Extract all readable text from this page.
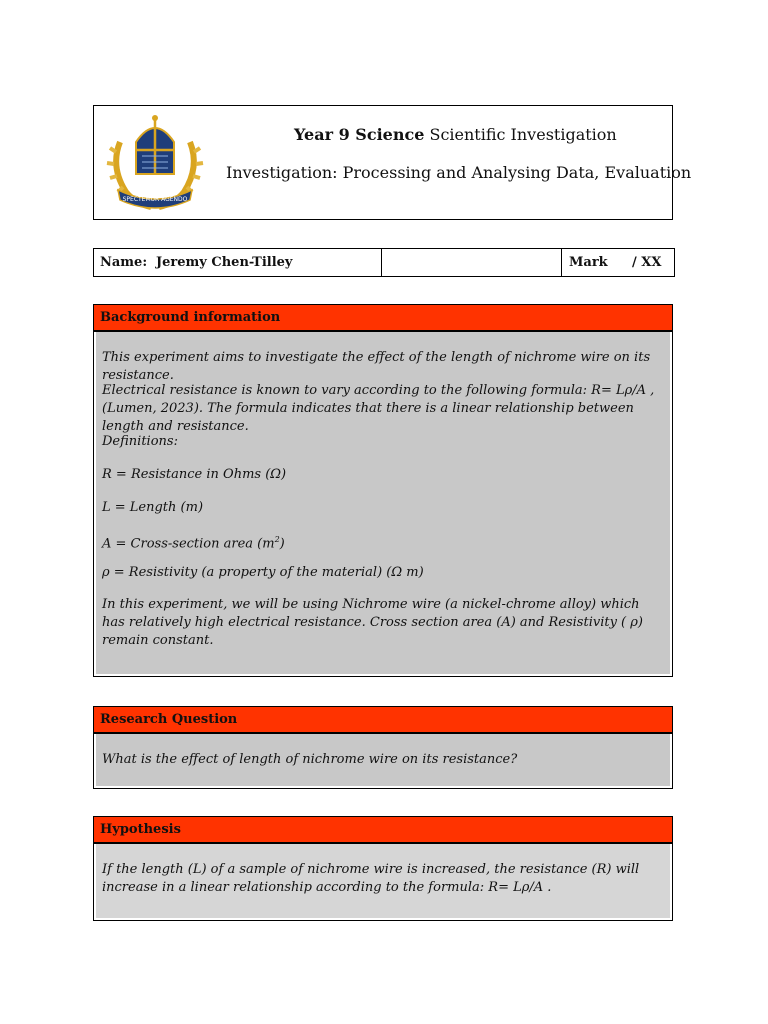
SPECTEMUR AGENDO
Year 9 Science Scientific Investigation
Investigation: Processing and Analysing Data, Evaluation
Name: Jeremy Chen-Tilley	Mark / XX
Background information

This experiment aims to investigate the effect of the length of nichrome wire on its resistance.

Electrical resistance is known to vary according to the following formula: R= Lρ/A , (Lumen, 2023). The formula indicates that there is a linear relationship between length and resistance.

Definitions:

R = Resistance in Ohms (Ω)

L = Length (m)

A = Cross-section area $(m^2)$

ρ = Resistivity (a property of the material) (Ω m)

In this experiment, we will be using Nichrome wire (a nickel-chrome alloy) which has relatively high electrical resistance. Cross section area (A) and Resistivity ( ρ) remain constant.

Research Question

What is the effect of length of nichrome wire on its resistance?

Hypothesis

If the length (L) of a sample of nichrome wire is increased, the resistance (R) will increase in a linear relationship according to the formula: R= Lρ/A .
